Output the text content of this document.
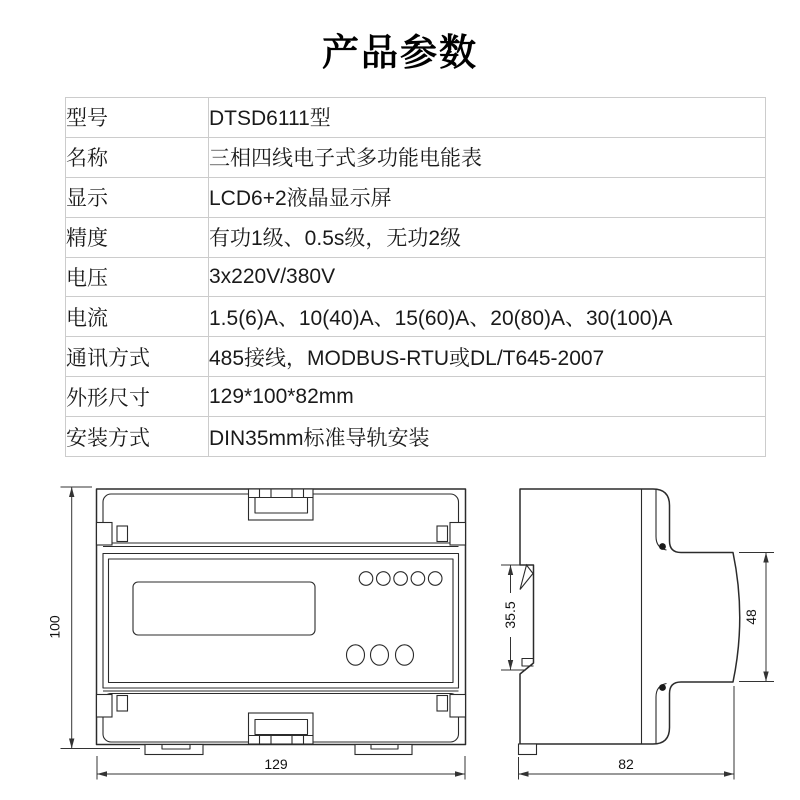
产品参数
型号	DTSD6111型
名称	三相四线电子式多功能电能表
显示	LCD6+2液晶显示屏
精度	有功1级、0.5s级，无功2级
电压	3x220V/380V
电流	1.5(6)A、10(40)A、15(60)A、20(80)A、30(100)A
通讯方式	485接线，MODBUS-RTU或DL/T645-2007
外形尺寸	129*100*82mm
安装方式	DIN35mm标准导轨安装
100
129
35.5	48
82
